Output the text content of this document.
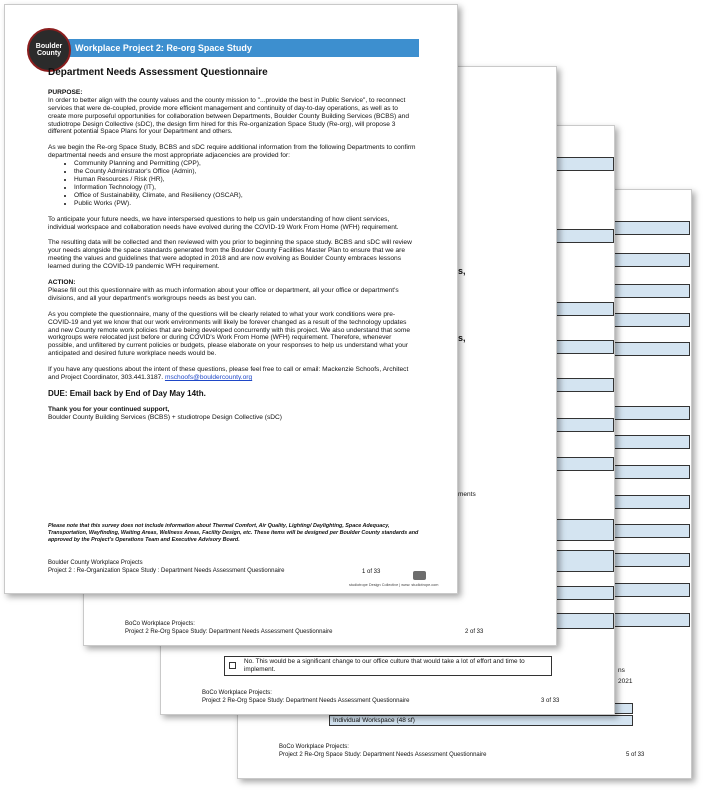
ns
2021
Individual Workspace (48 sf)
BoCo Workplace Projects:
Project 2 Re-Org Space Study: Department Needs Assessment Questionnaire	5 of 33
No. This would be a significant change to our office culture that would take a lot of effort and time to implement.
BoCo Workplace Projects:
Project 2 Re-Org Space Study: Department Needs Assessment Questionnaire	3 of 33
s,
s,
ments
BoCo Workplace Projects:
Project 2 Re-Org Space Study: Department Needs Assessment Questionnaire	2 of 33
Workplace Project 2: Re-org Space Study
Boulder County
Department Needs Assessment Questionnaire
PURPOSE:

In order to better align with the county values and the county mission to "...provide the best in Public Service", to reconnect services that were de-coupled, provide more efficient management and continuity of day-to-day operations, as well as to create more purposeful opportunities for collaboration between Departments, Boulder County Building Services (BCBS) and studiotrope Design Collective (sDC), the design firm hired for this Re-organization Space Study (Re-org), will propose 3 different potential Space Plans for your Department and others.

As we begin the Re-org Space Study, BCBS and sDC require additional information from the following Departments to confirm departmental needs and ensure the most appropriate adjacencies are provided for:

• Community Planning and Permitting (CPP),
• the County Administrator's Office (Admin),
• Human Resources / Risk (HR),
• Information Technology (IT),
• Office of Sustainability, Climate, and Resiliency (OSCAR),
• Public Works (PW).

To anticipate your future needs, we have interspersed questions to help us gain understanding of how client services, individual workspace and collaboration needs have evolved during the COVID-19 Work From Home (WFH) requirement.

The resulting data will be collected and then reviewed with you prior to beginning the space study. BCBS and sDC will review your needs alongside the space standards generated from the Boulder County Facilities Master Plan to ensure that we are meeting the values and guidelines that were adopted in 2018 and are now evolving as Boulder County embraces lessons learned during the COVID-19 pandemic WFH requirement.

ACTION:

Please fill out this questionnaire with as much information about your office or department, all your office or department's divisions, and all your department's workgroups needs as best you can.

As you complete the questionnaire, many of the questions will be clearly related to what your work conditions were pre-COVID-19 and yet we know that our work environments will likely be forever changed as a result of the technology updates and new County remote work policies that are being developed concurrently with this project. We also understand that some workgroups were relocated just before or during COVID's Work From Home (WFH) requirement. Therefore, whenever possible, and unfiltered by current policies or budgets, please elaborate on your responses to help us understand what your anticipated and desired future workplace needs would be.

If you have any questions about the intent of these questions, please feel free to call or email: Mackenzie Schoofs, Architect and Project Coordinator, 303.441.3187. mschoofs@bouldercounty.org

DUE: Email back by End of Day May 14th.
Thank you for your continued support,
Boulder County Building Services (BCBS) + studiotrope Design Collective (sDC)
Please note that this survey does not include information about Thermal Comfort, Air Quality, Lighting/ Daylighting, Space Adequacy, Transportation, Wayfinding, Waiting Areas, Wellness Areas, Facility Design, etc. These items will be designed per Boulder County standards and approved by the Project's Operations Team and Executive Advisory Board.
Boulder County Workplace Projects
Project 2 : Re-Organization Space Study : Department Needs Assessment Questionnaire	1 of 33
studiotrope Design Collective | www. studiotrope.com
